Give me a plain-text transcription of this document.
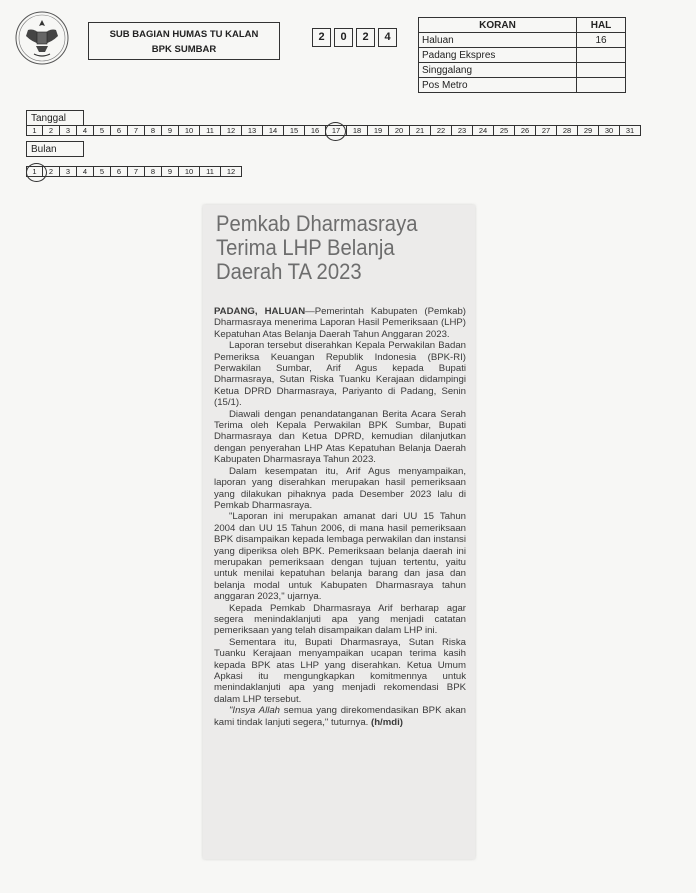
SUB BAGIAN HUMAS TU KALAN
BPK SUMBAR
2	0	2	4
KORAN	HAL
Haluan	16
Padang Ekspres	
Singgalang	
Pos Metro	
Tanggal
1	2	3	4	5	6	7	8	9	10	11	12	13	14	15	16	17	18	19	20	21	22	23	24	25	26	27	28	29	30	31
Bulan
1	2	3	4	5	6	7	8	9	10	11	12
Pemkab Dharmasraya
Terima LHP Belanja
Daerah TA 2023

PADANG, HALUAN—Pemerintah Kabupaten (Pemkab) Dharmasraya menerima Laporan Hasil Pemeriksaan (LHP) Kepatuhan Atas Belanja Daerah Tahun Anggaran 2023.

Laporan tersebut diserahkan Kepala Perwakilan Badan Pemeriksa Keuangan Republik Indonesia (BPK-RI) Perwakilan Sumbar, Arif Agus kepada Bupati Dharmasraya, Sutan Riska Tuanku Kerajaan didampingi Ketua DPRD Dharmasraya, Pariyanto di Padang, Senin (15/1).

Diawali dengan penandatanganan Berita Acara Serah Terima oleh Kepala Perwakilan BPK Sumbar, Bupati Dharmasraya dan Ketua DPRD, kemudian dilanjutkan dengan penyerahan LHP Atas Kepatuhan Belanja Daerah Kabupaten Dharmasraya Tahun 2023.

Dalam kesempatan itu, Arif Agus menyampaikan, laporan yang diserahkan merupakan hasil pemeriksaan yang dilakukan pihaknya pada Desember 2023 lalu di Pemkab Dharmasraya.

"Laporan ini merupakan amanat dari UU 15 Tahun 2004 dan UU 15 Tahun 2006, di mana hasil pemeriksaan BPK disampaikan kepada lembaga perwakilan dan instansi yang diperiksa oleh BPK. Pemeriksaan belanja daerah ini merupakan pemeriksaan dengan tujuan tertentu, yaitu untuk menilai kepatuhan belanja barang dan jasa dan belanja modal untuk Kabupaten Dharmasraya tahun anggaran 2023," ujarnya.

Kepada Pemkab Dharmasraya Arif berharap agar segera menindaklanjuti apa yang menjadi catatan pemeriksaan yang telah disampaikan dalam LHP ini.

Sementara itu, Bupati Dharmasraya, Sutan Riska Tuanku Kerajaan menyampaikan ucapan terima kasih kepada BPK atas LHP yang diserahkan. Ketua Umum Apkasi itu mengungkapkan komitmennya untuk menindaklanjuti apa yang menjadi rekomendasi BPK dalam LHP tersebut.

"Insya Allah semua yang direkomendasikan BPK akan kami tindak lanjuti segera," tuturnya. (h/mdi)
